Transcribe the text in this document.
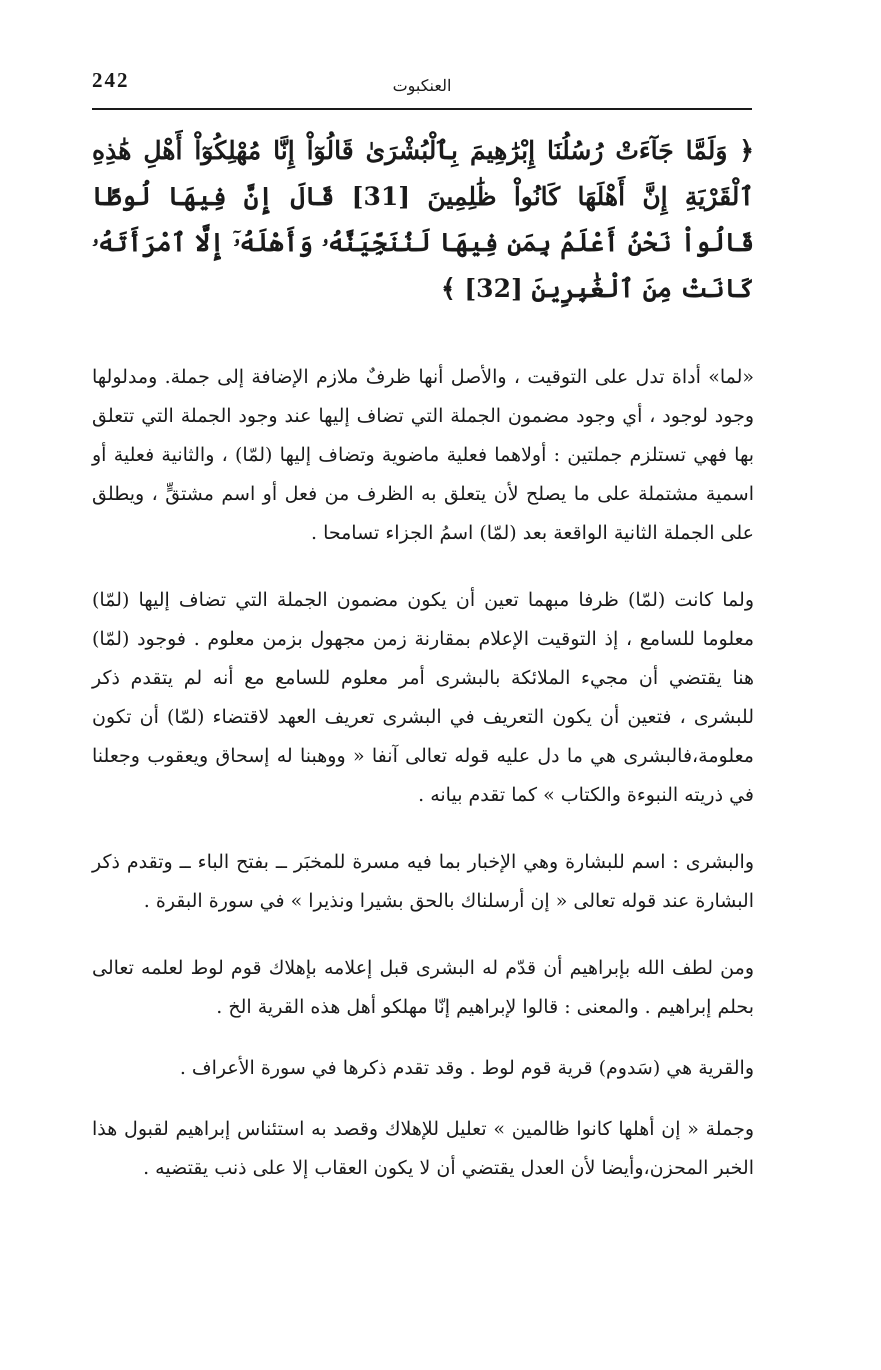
242	العنكبوت

﴿ وَلَمَّا جَآءَتْ رُسُلُنَا إِبْرَٰهِيمَ بِٱلْبُشْرَىٰ قَالُوٓاْ إِنَّا مُهْلِكُوٓاْ أَهْلِ هَٰذِهِ ٱلْقَرْيَةِ إِنَّ أَهْلَهَا كَانُواْ ظَٰلِمِينَ [31] قَالَ إِنَّ فِيهَا لُوطًا قَالُواْ نَحْنُ أَعْلَمُ بِمَن فِيهَا لَنُنَجِّيَنَّهُۥ وَأَهْلَهُۥٓ إِلَّا ٱمْرَأَتَهُۥ كَانَتْ مِنَ ٱلْغَٰبِرِينَ [32] ﴾

«لما» أداة تدل على التوقيت ، والأصل أنها ظرفٌ ملازم الإضافة إلى جملة. ومدلولها وجود لوجود ، أي وجود مضمون الجملة التي تضاف إليها عند وجود الجملة التي تتعلق بها فهي تستلزم جملتين : أولاهما فعلية ماضوية وتضاف إليها (لمّا) ، والثانية فعلية أو اسمية مشتملة على ما يصلح لأن يتعلق به الظرف من فعل أو اسم مشتقٍّ ، ويطلق على الجملة الثانية الواقعة بعد (لمّا) اسمُ الجزاء تسامحا .

ولما كانت (لمّا) ظرفا مبهما تعين أن يكون مضمون الجملة التي تضاف إليها (لمّا) معلوما للسامع ، إذ التوقيت الإعلام بمقارنة زمن مجهول بزمن معلوم . فوجود (لمّا) هنا يقتضي أن مجيء الملائكة بالبشرى أمر معلوم للسامع مع أنه لم يتقدم ذكر للبشرى ، فتعين أن يكون التعريف في البشرى تعريف العهد لاقتضاء (لمّا) أن تكون معلومة،فالبشرى هي ما دل عليه قوله تعالى آنفا « ووهبنا له إسحاق ويعقوب وجعلنا في ذريته النبوءة والكتاب » كما تقدم بيانه .

والبشرى : اسم للبشارة وهي الإخبار بما فيه مسرة للمخبَر ــ بفتح الباء ــ وتقدم ذكر البشارة عند قوله تعالى « إن أرسلناك بالحق بشيرا ونذيرا » في سورة البقرة .

ومن لطف الله بإبراهيم أن قدّم له البشرى قبل إعلامه بإهلاك قوم لوط لعلمه تعالى بحلم إبراهيم . والمعنى : قالوا لإبراهيم إنّا مهلكو أهل هذه القرية الخ .

والقرية هي (سَدوم) قرية قوم لوط . وقد تقدم ذكرها في سورة الأعراف .

وجملة « إن أهلها كانوا ظالمين » تعليل للإهلاك وقصد به استئناس إبراهيم لقبول هذا الخبر المحزن،وأيضا لأن العدل يقتضي أن لا يكون العقاب إلا على ذنب يقتضيه .
